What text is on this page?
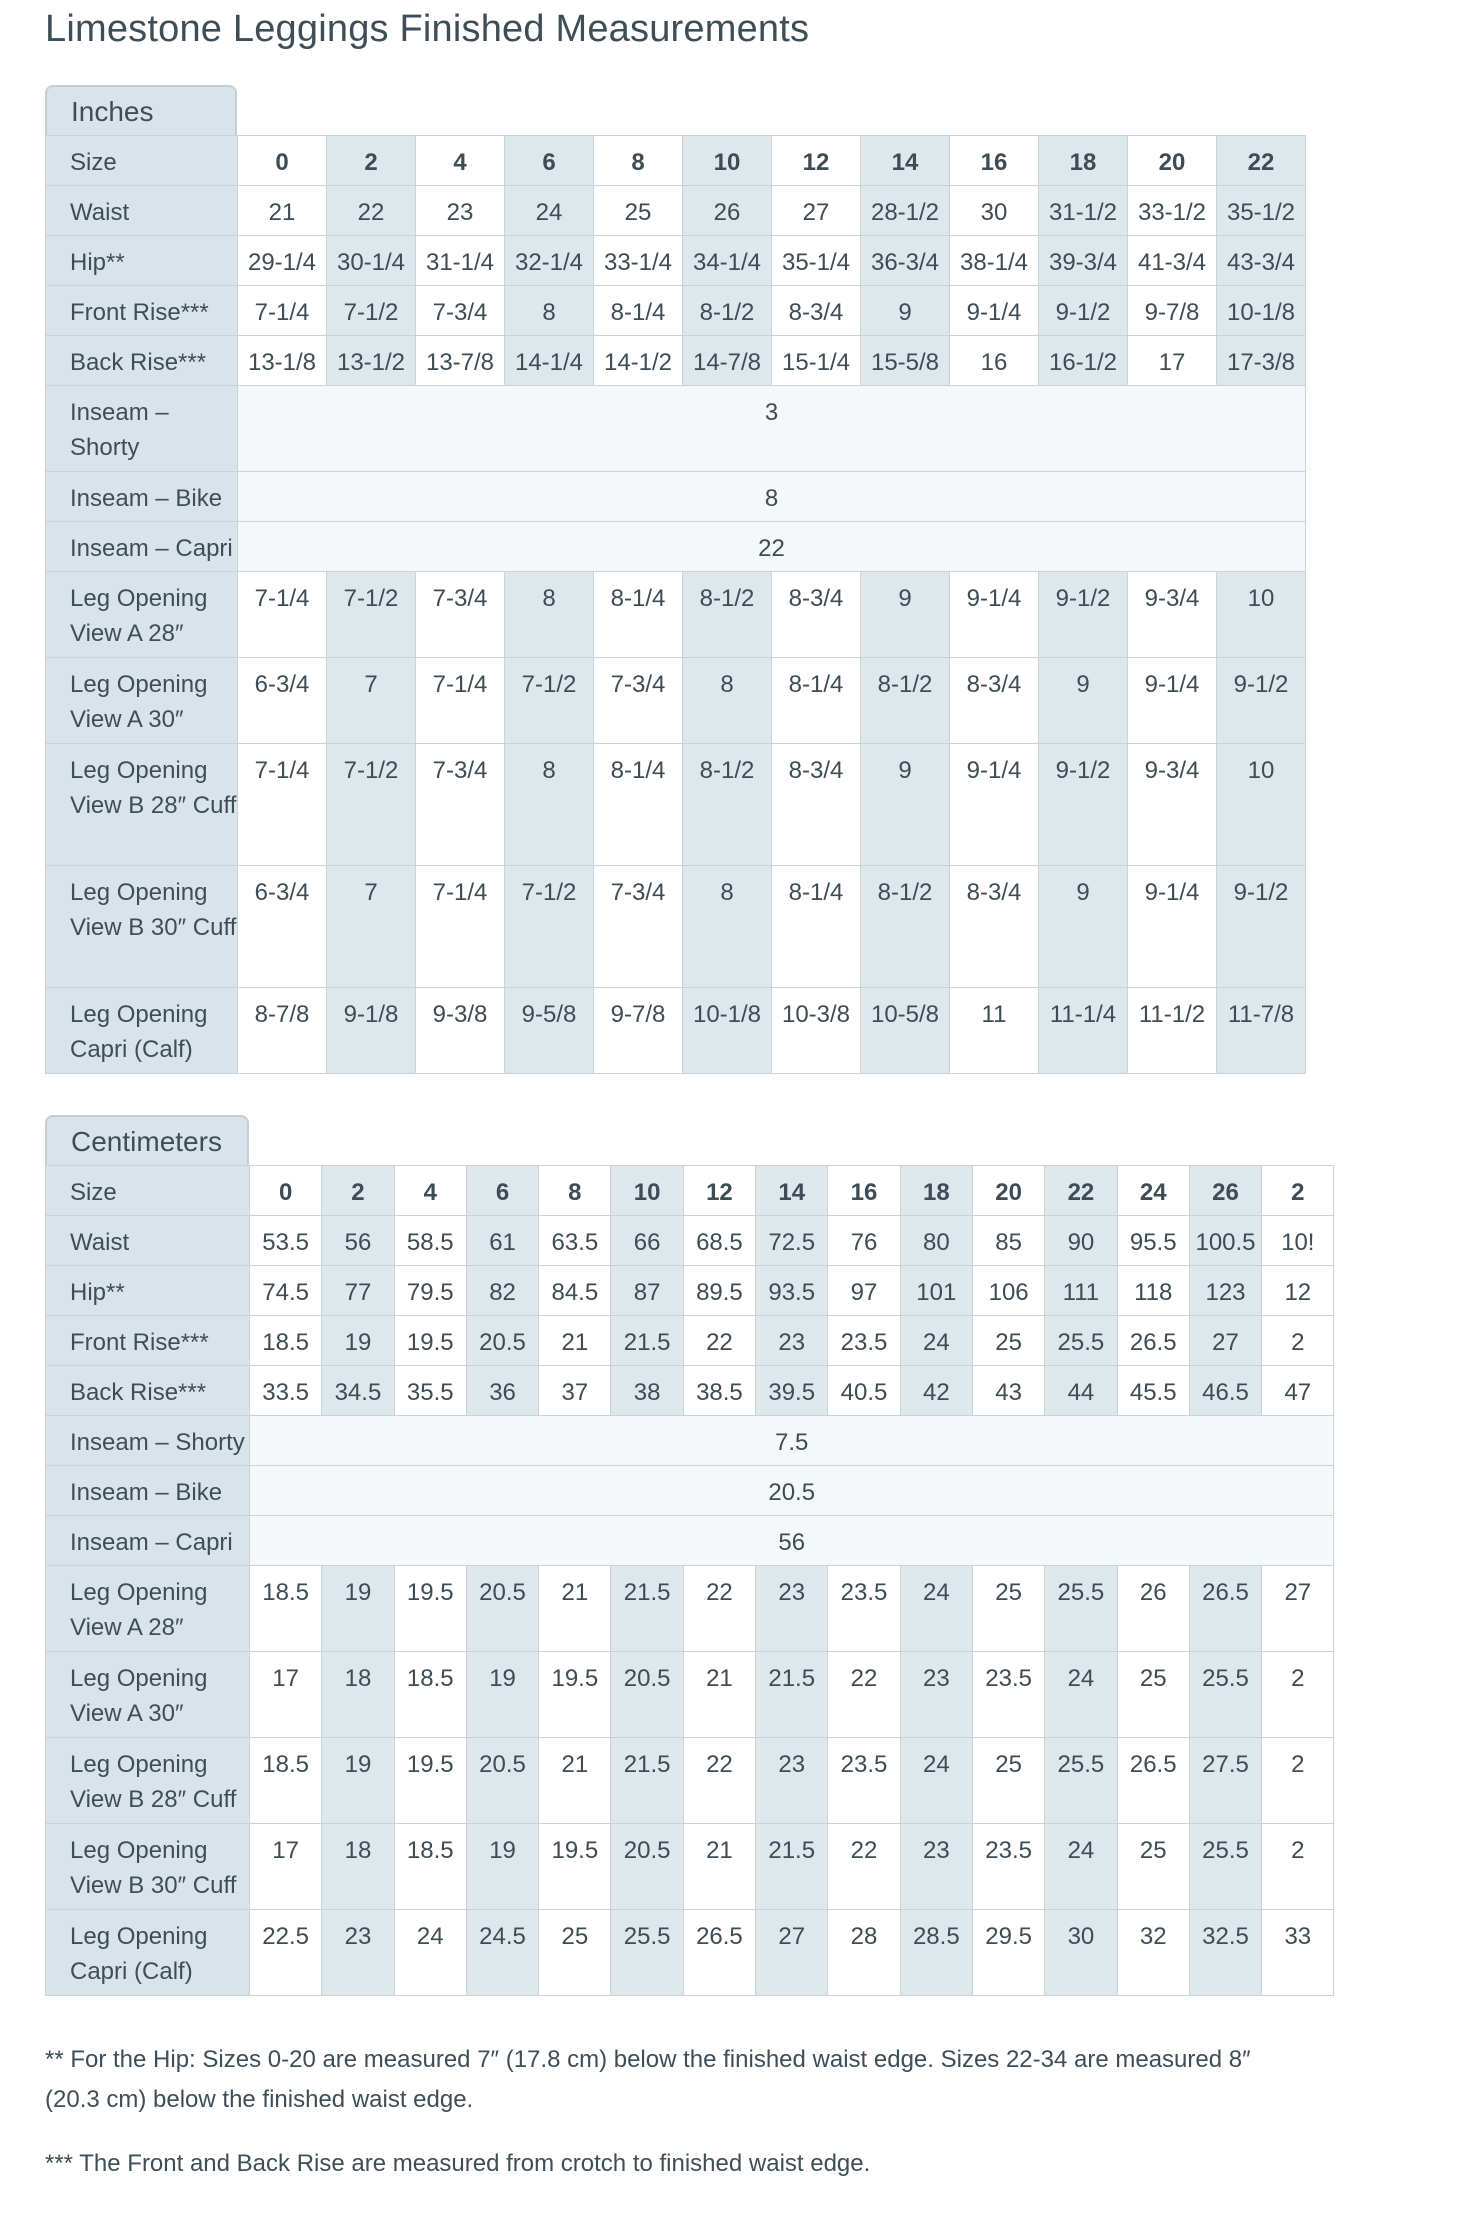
Limestone Leggings Finished Measurements
Inches
Size	0	2	4	6	8	10	12	14	16	18	20	22
Waist	21	22	23	24	25	26	27	28-1/2	30	31-1/2	33-1/2	35-1/2
Hip**	29-1/4	30-1/4	31-1/4	32-1/4	33-1/4	34-1/4	35-1/4	36-3/4	38-1/4	39-3/4	41-3/4	43-3/4
Front Rise***	7-1/4	7-1/2	7-3/4	8	8-1/4	8-1/2	8-3/4	9	9-1/4	9-1/2	9-7/8	10-1/8
Back Rise***	13-1/8	13-1/2	13-7/8	14-1/4	14-1/2	14-7/8	15-1/4	15-5/8	16	16-1/2	17	17-3/8
Inseam – Shorty	3											
Inseam – Bike	8											
Inseam – Capri	22											
Leg Opening View A 28″	7-1/4	7-1/2	7-3/4	8	8-1/4	8-1/2	8-3/4	9	9-1/4	9-1/2	9-3/4	10
Leg Opening View A 30″	6-3/4	7	7-1/4	7-1/2	7-3/4	8	8-1/4	8-1/2	8-3/4	9	9-1/4	9-1/2
Leg Opening View B 28″ Cuff	7-1/4	7-1/2	7-3/4	8	8-1/4	8-1/2	8-3/4	9	9-1/4	9-1/2	9-3/4	10
Leg Opening View B 30″ Cuff	6-3/4	7	7-1/4	7-1/2	7-3/4	8	8-1/4	8-1/2	8-3/4	9	9-1/4	9-1/2
Leg Opening Capri (Calf)	8-7/8	9-1/8	9-3/8	9-5/8	9-7/8	10-1/8	10-3/8	10-5/8	11	11-1/4	11-1/2	11-7/8
Centimeters
Size	0	2	4	6	8	10	12	14	16	18	20	22	24	26	2
Waist	53.5	56	58.5	61	63.5	66	68.5	72.5	76	80	85	90	95.5	100.5	10!
Hip**	74.5	77	79.5	82	84.5	87	89.5	93.5	97	101	106	111	118	123	12
Front Rise***	18.5	19	19.5	20.5	21	21.5	22	23	23.5	24	25	25.5	26.5	27	2
Back Rise***	33.5	34.5	35.5	36	37	38	38.5	39.5	40.5	42	43	44	45.5	46.5	47
Inseam – Shorty	7.5														
Inseam – Bike	20.5														
Inseam – Capri	56														
Leg Opening View A 28″	18.5	19	19.5	20.5	21	21.5	22	23	23.5	24	25	25.5	26	26.5	27
Leg Opening View A 30″	17	18	18.5	19	19.5	20.5	21	21.5	22	23	23.5	24	25	25.5	2
Leg Opening View B 28″ Cuff	18.5	19	19.5	20.5	21	21.5	22	23	23.5	24	25	25.5	26.5	27.5	2
Leg Opening View B 30″ Cuff	17	18	18.5	19	19.5	20.5	21	21.5	22	23	23.5	24	25	25.5	2
Leg Opening Capri (Calf)	22.5	23	24	24.5	25	25.5	26.5	27	28	28.5	29.5	30	32	32.5	33

** For the Hip: Sizes 0-20 are measured 7″ (17.8 cm) below the finished waist edge. Sizes 22-34 are measured 8″ (20.3 cm) below the finished waist edge.

*** The Front and Back Rise are measured from crotch to finished waist edge.
